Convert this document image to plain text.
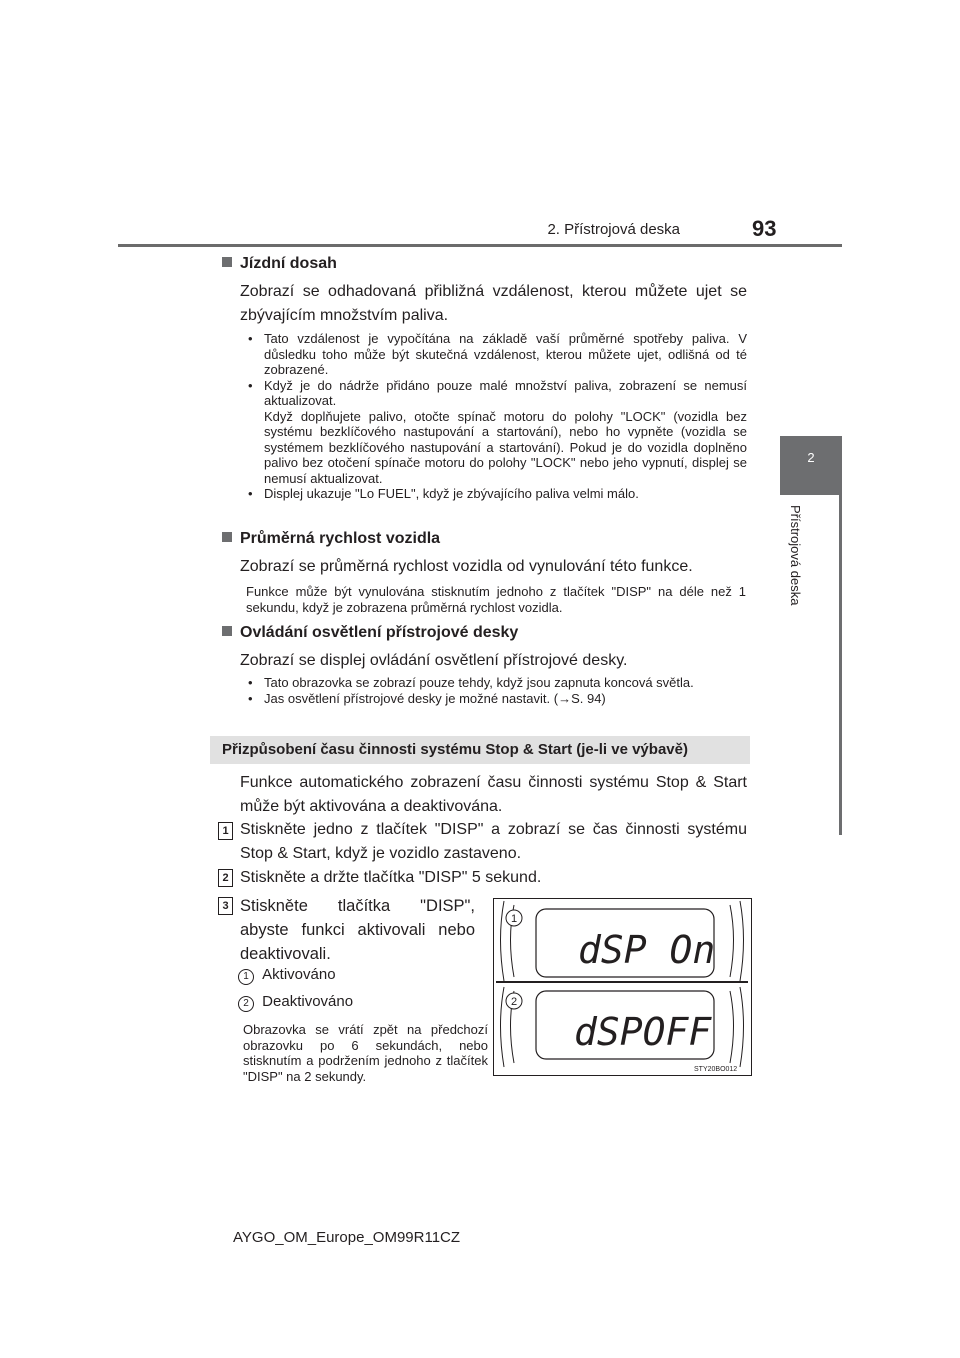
2. Přístrojová deska	93
2
Přístrojová deska
Jízdní dosah
Zobrazí se odhadovaná přibližná vzdálenost, kterou můžete ujet se zbývajícím množstvím paliva.
• Tato vzdálenost je vypočítána na základě vaší průměrné spotřeby paliva. V důsledku toho může být skutečná vzdálenost, kterou můžete ujet, odlišná od té zobrazené.
• Když je do nádrže přidáno pouze malé množství paliva, zobrazení se nemusí aktualizovat.
Když doplňujete palivo, otočte spínač motoru do polohy "LOCK" (vozidla bez systému bezklíčového nastupování a startování), nebo ho vypněte (vozidla se systémem bezklíčového nastupování a startování). Pokud je do vozidla doplněno palivo bez otočení spínače motoru do polohy "LOCK" nebo jeho vypnutí, displej se nemusí aktualizovat.
• Displej ukazuje "Lo FUEL", když je zbývajícího paliva velmi málo.
Průměrná rychlost vozidla
Zobrazí se průměrná rychlost vozidla od vynulování této funkce.
Funkce může být vynulována stisknutím jednoho z tlačítek "DISP" na déle než 1 sekundu, když je zobrazena průměrná rychlost vozidla.
Ovládání osvětlení přístrojové desky
Zobrazí se displej ovládání osvětlení přístrojové desky.
• Tato obrazovka se zobrazí pouze tehdy, když jsou zapnuta koncová světla.
• Jas osvětlení přístrojové desky je možné nastavit. (→S. 94)
Přizpůsobení času činnosti systému Stop & Start (je-li ve výbavě)
Funkce automatického zobrazení času činnosti systému Stop & Start může být aktivována a deaktivována.
1 Stiskněte jedno z tlačítek "DISP" a zobrazí se čas činnosti systému Stop & Start, když je vozidlo zastaveno.
2 Stiskněte a držte tlačítka "DISP" 5 sekund.
3 Stiskněte tlačítka "DISP", abyste funkci aktivovali nebo deaktivovali.
1 Aktivováno
2 Deaktivováno
Obrazovka se vrátí zpět na předchozí obrazovku po 6 sekundách, nebo stisknutím a podržením jednoho z tlačítek "DISP" na 2 sekundy.
dSP On
dSPOFF
1
2
STY20BO012
AYGO_OM_Europe_OM99R11CZ
